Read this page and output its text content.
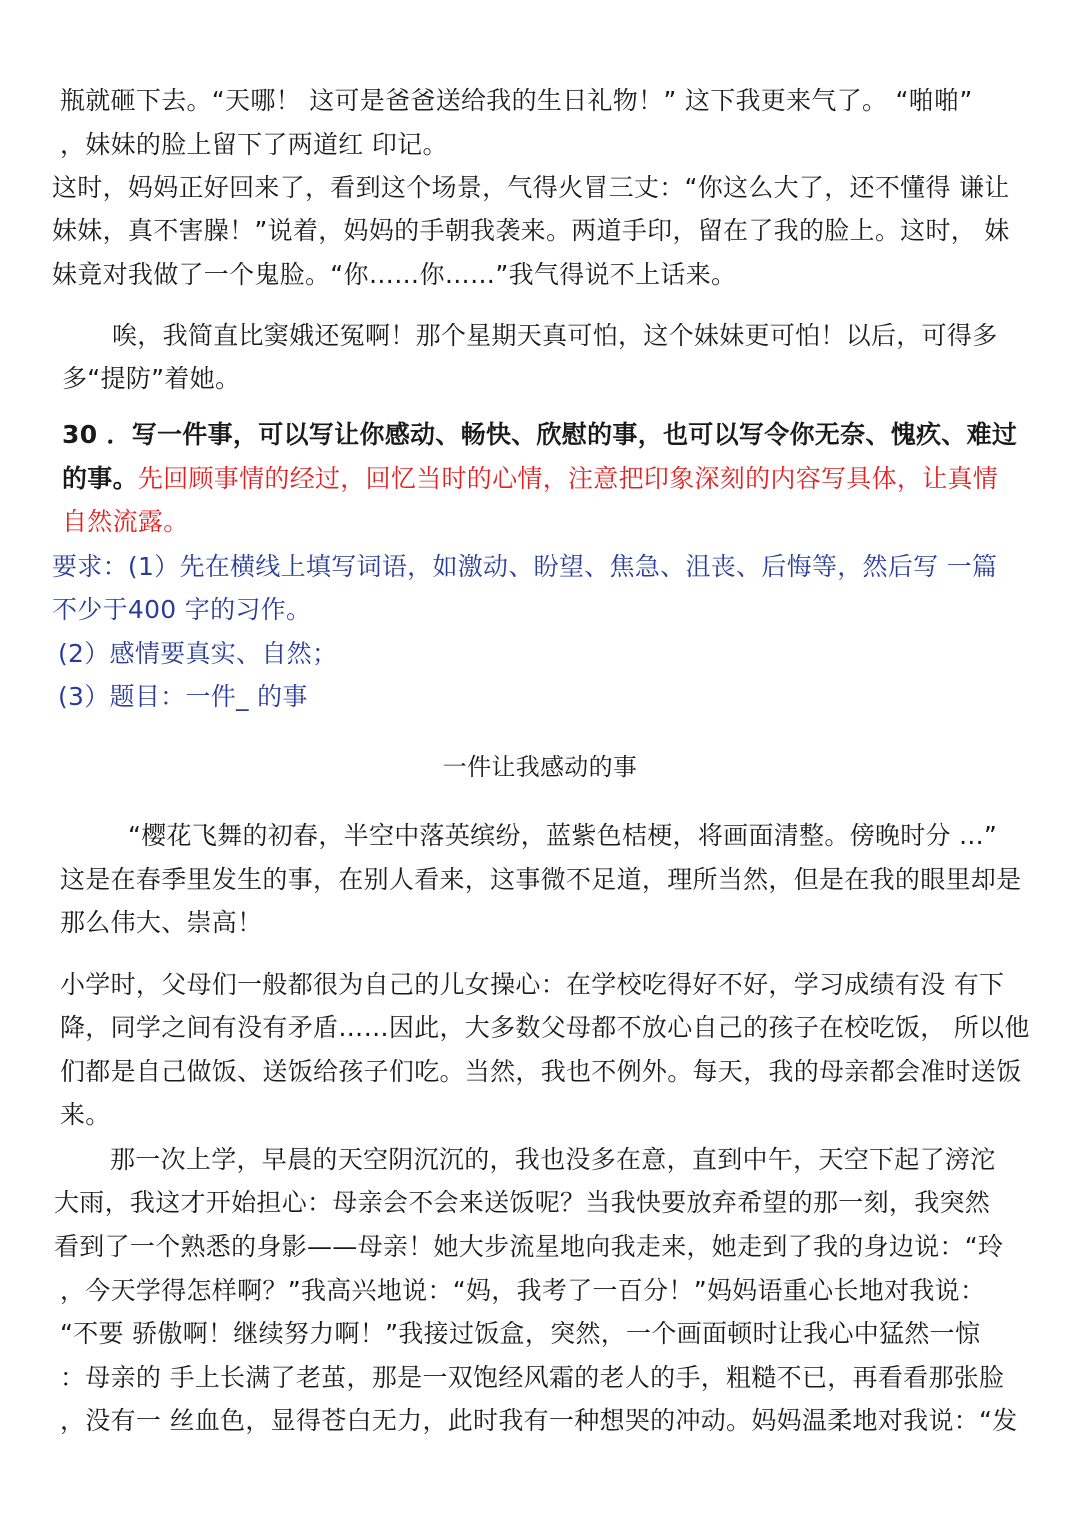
瓶就砸下去。“天哪！ 这可是爸爸送给我的生日礼物！” 这下我更来气了。 “啪啪”

，妹妹的脸上留下了两道红 印记。

这时，妈妈正好回来了，看到这个场景，气得火冒三丈：“你这么大了，还不懂得 谦让

妹妹，真不害臊！”说着，妈妈的手朝我袭来。两道手印，留在了我的脸上。这时， 妹

妹竟对我做了一个鬼脸。“你……你……”我气得说不上话来。

唉，我简直比窦娥还冤啊！那个星期天真可怕，这个妹妹更可怕！以后，可得多

多“提防”着她。

30 ．写一件事，可以写让你感动、畅快、欣慰的事，也可以写令你无奈、愧疚、难过

的事。先回顾事情的经过，回忆当时的心情，注意把印象深刻的内容写具体，让真情

自然流露。

要求：(1）先在横线上填写词语，如激动、盼望、焦急、沮丧、后悔等，然后写 一篇

不少于400 字的习作。

(2）感情要真实、自然；

(3）题目：一件_ 的事

一件让我感动的事

“樱花飞舞的初春，半空中落英缤纷，蓝紫色桔梗，将画面清整。傍晚时分 ...”

这是在春季里发生的事，在别人看来，这事微不足道，理所当然，但是在我的眼里却是

那么伟大、崇高！

小学时，父母们一般都很为自己的儿女操心：在学校吃得好不好，学习成绩有没 有下

降，同学之间有没有矛盾……因此，大多数父母都不放心自己的孩子在校吃饭， 所以他

们都是自己做饭、送饭给孩子们吃。当然，我也不例外。每天，我的母亲都会准时送饭

来。

那一次上学，早晨的天空阴沉沉的，我也没多在意，直到中午，天空下起了滂沱

大雨，我这才开始担心：母亲会不会来送饭呢？当我快要放弃希望的那一刻，我突然

看到了一个熟悉的身影——母亲！她大步流星地向我走来，她走到了我的身边说：“玲

，今天学得怎样啊？”我高兴地说：“妈，我考了一百分！”妈妈语重心长地对我说：

“不要 骄傲啊！继续努力啊！”我接过饭盒，突然，一个画面顿时让我心中猛然一惊

：母亲的 手上长满了老茧，那是一双饱经风霜的老人的手，粗糙不已，再看看那张脸

，没有一 丝血色，显得苍白无力，此时我有一种想哭的冲动。妈妈温柔地对我说：“发
